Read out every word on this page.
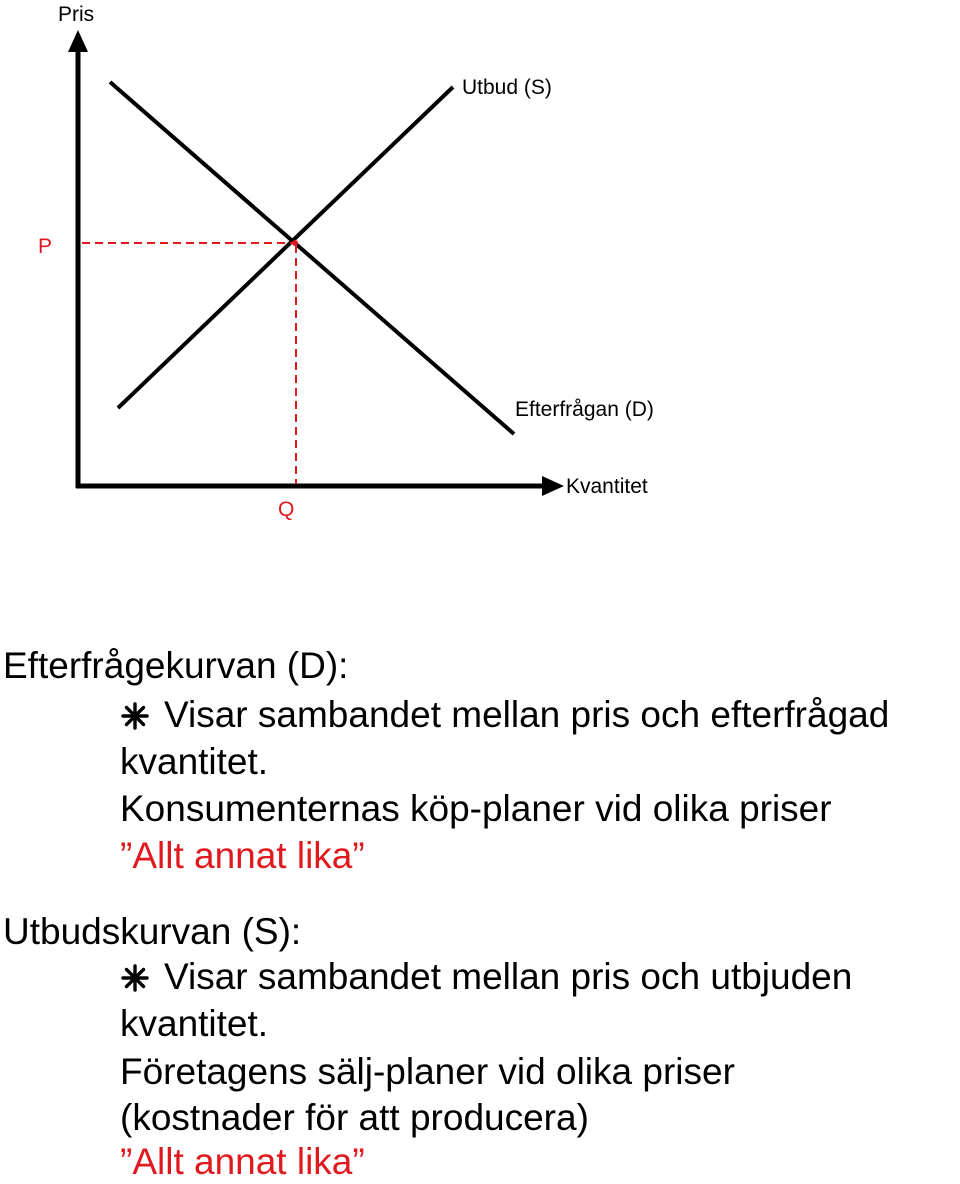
Pris
Kvantitet
Utbud (S)
Efterfrågan (D)
P
Q
Efterfrågekurvan (D):
Visar sambandet mellan pris och efterfrågad
kvantitet.
Konsumenternas köp-planer vid olika priser
”Allt annat lika”
Utbudskurvan (S):
Visar sambandet mellan pris och utbjuden
kvantitet.
Företagens sälj-planer vid olika priser
(kostnader för att producera)
”Allt annat lika”
